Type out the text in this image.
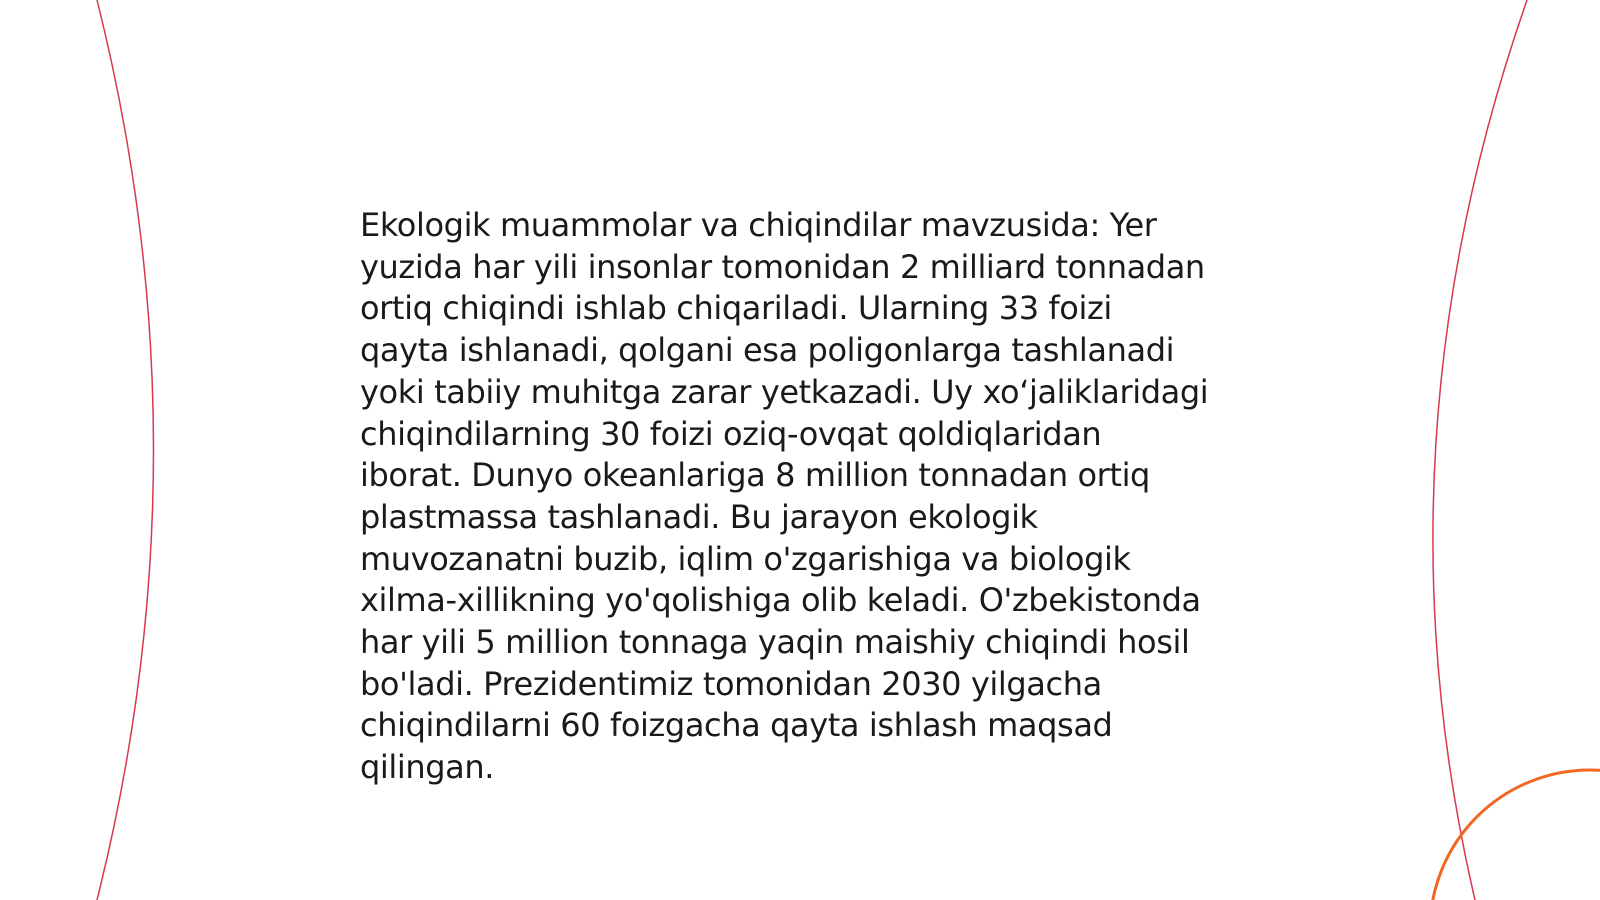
Ekologik muammolar va chiqindilar mavzusida: Yer
yuzida har yili insonlar tomonidan 2 milliard tonnadan
ortiq chiqindi ishlab chiqariladi. Ularning 33 foizi
qayta ishlanadi, qolgani esa poligonlarga tashlanadi
yoki tabiiy muhitga zarar yetkazadi. Uy xo‘jaliklaridagi
chiqindilarning 30 foizi oziq-ovqat qoldiqlaridan
iborat. Dunyo okeanlariga 8 million tonnadan ortiq
plastmassa tashlanadi. Bu jarayon ekologik
muvozanatni buzib, iqlim o'zgarishiga va biologik
xilma-xillikning yo'qolishiga olib keladi. O'zbekistonda
har yili 5 million tonnaga yaqin maishiy chiqindi hosil
bo'ladi. Prezidentimiz tomonidan 2030 yilgacha
chiqindilarni 60 foizgacha qayta ishlash maqsad
qilingan.
